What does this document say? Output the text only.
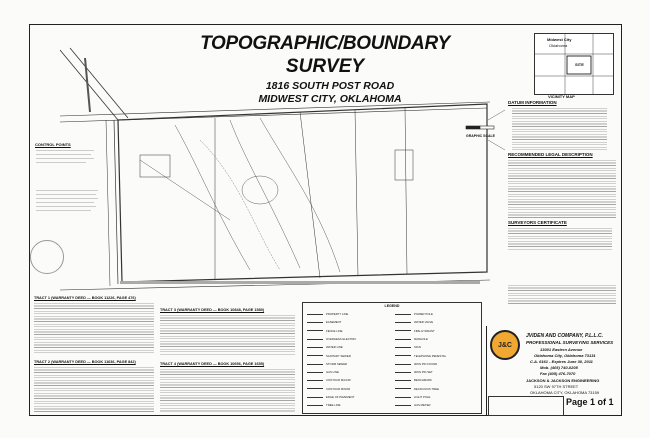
TOPOGRAPHIC/BOUNDARY
SURVEY
1816 SOUTH POST ROAD
MIDWEST CITY, OKLAHOMA
Midwest City
Oklahoma
SITE
VICINITY MAP
DATUM INFORMATION
RECOMMENDED LEGAL DESCRIPTION
SURVEYORS CERTIFICATE
GRAPHIC SCALE
CONTROL POINTS
TRACT 1 (WARRANTY DEED — BOOK 11226, PAGE 476)
TRACT 2 (WARRANTY DEED — BOOK 11636, PAGE 842)
TRACT 3 (WARRANTY DEED — BOOK 10848, PAGE 1580)
TRACT 4 (WARRANTY DEED — BOOK 10656, PAGE 1655)
LEGEND
PROPERTY LINE
EASEMENT
FENCE LINE
OVERHEAD ELECTRIC
WATER LINE
SANITARY SEWER
STORM SEWER
GAS LINE
CONTOUR MAJOR
CONTOUR MINOR
EDGE OF PAVEMENT
TREE LINE
POWER POLE
WATER VALVE
FIRE HYDRANT
MANHOLE
SIGN
TELEPHONE PEDESTAL
IRON PIN FOUND
IRON PIN SET
BENCHMARK
DECIDUOUS TREE
LIGHT POLE
GAS METER
J&C
JVIDEN AND COMPANY, P.L.L.C.
PROFESSIONAL SURVEYING SERVICES
13001 Eastern Avenue
Oklahoma City, Oklahoma 73131
C.A. 6161 - Expires June 30, 2011
Mob. (405) 740-0208
Fax (405) 476-7070
JACKSON & JACKSON ENGINEERING
5120 SW 97TH STREET
OKLAHOMA CITY, OKLAHOMA 73159
Page 1 of 1
